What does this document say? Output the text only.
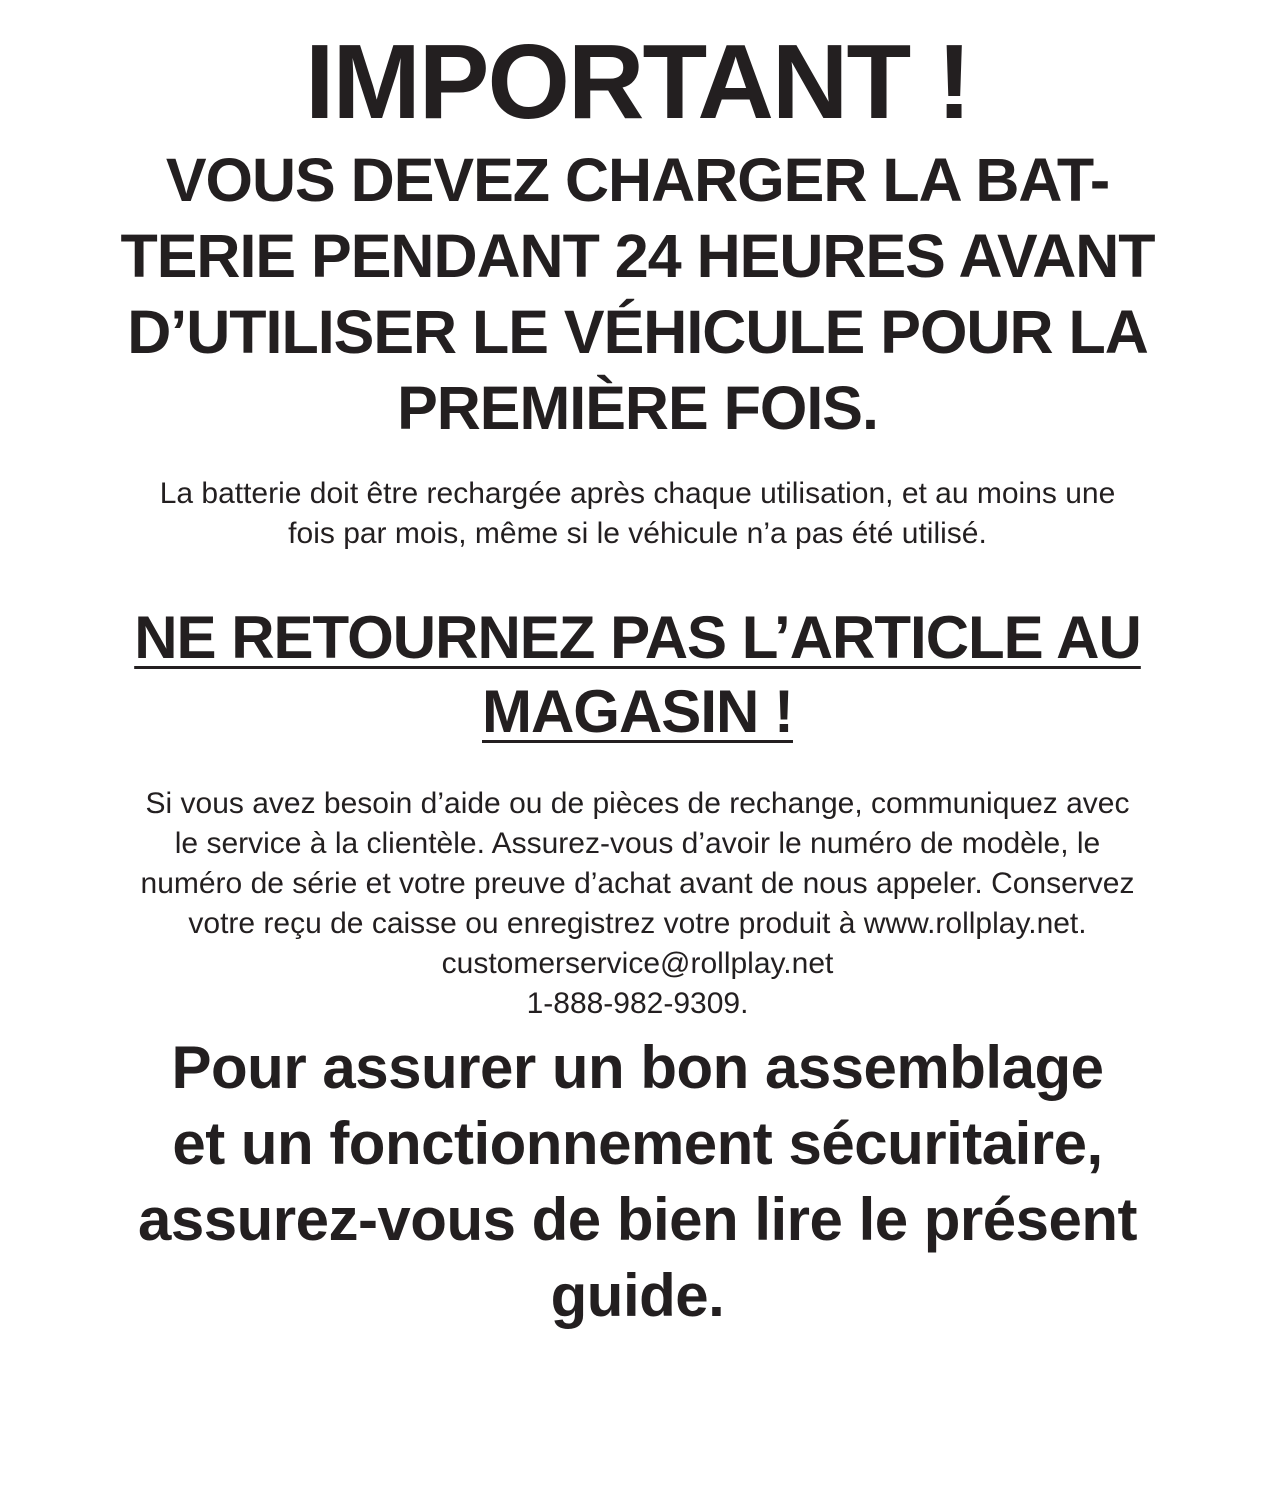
IMPORTANT !

VOUS DEVEZ CHARGER LA BAT-

TERIE PENDANT 24 HEURES AVANT

D’UTILISER LE VÉHICULE POUR LA

PREMIÈRE FOIS.

La batterie doit être rechargée après chaque utilisation, et au moins une

fois par mois, même si le véhicule n’a pas été utilisé.

NE RETOURNEZ PAS L’ARTICLE AU

MAGASIN !

Si vous avez besoin d’aide ou de pièces de rechange, communiquez avec

le service à la clientèle. Assurez-vous d’avoir le numéro de modèle, le

numéro de série et votre preuve d’achat avant de nous appeler. Conservez

votre reçu de caisse ou enregistrez votre produit à www.rollplay.net.

customerservice@rollplay.net

1-888-982-9309.

Pour assurer un bon assemblage

et un fonctionnement sécuritaire,

assurez-vous de bien lire le présent

guide.
